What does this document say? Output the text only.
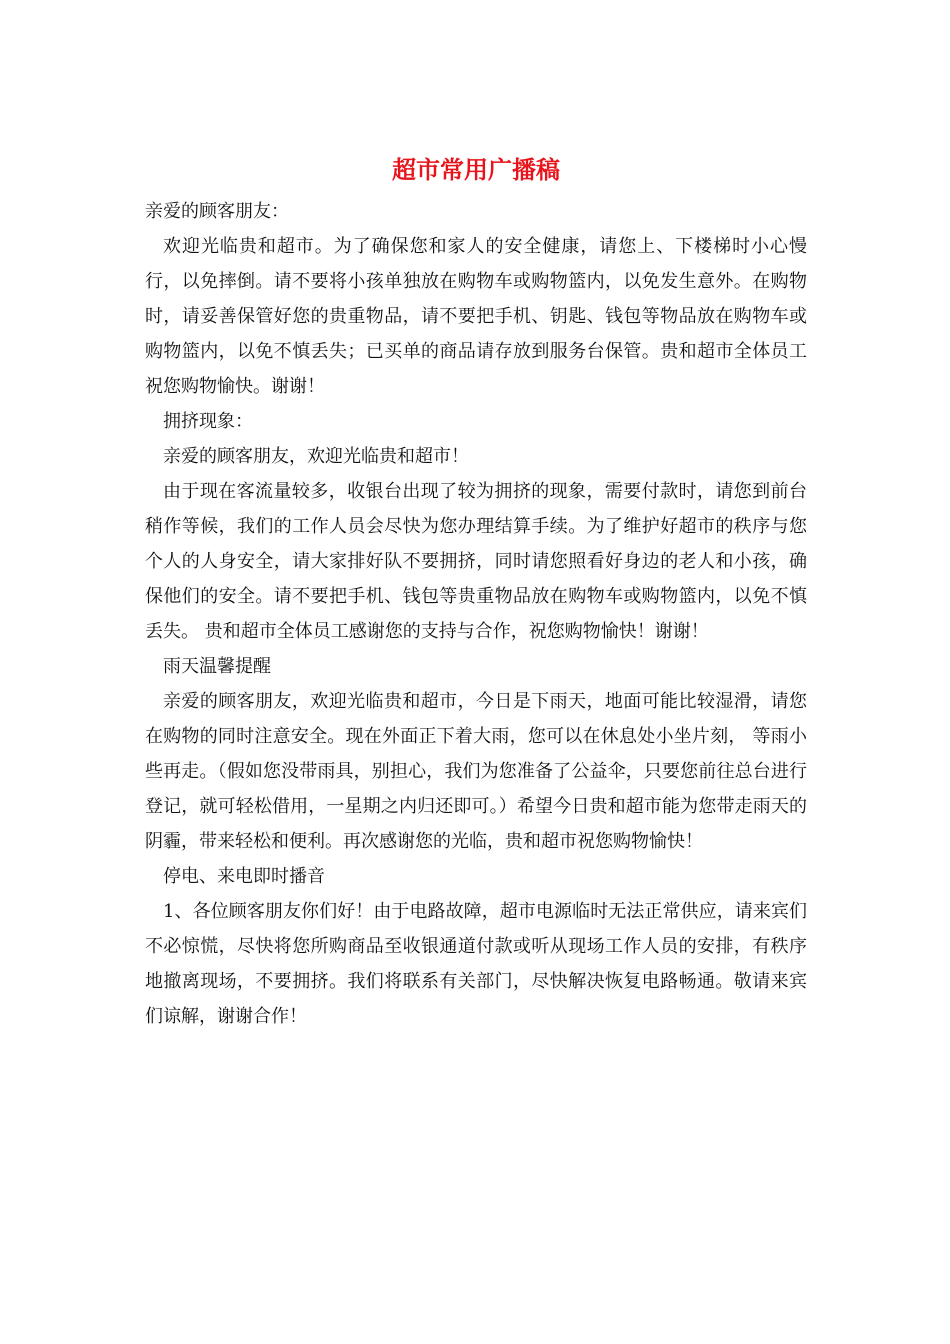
超市常用广播稿

亲爱的顾客朋友：

欢迎光临贵和超市。为了确保您和家人的安全健康，请您上、下楼梯时小心慢行，以免摔倒。请不要将小孩单独放在购物车或购物篮内，以免发生意外。在购物时，请妥善保管好您的贵重物品，请不要把手机、钥匙、钱包等物品放在购物车或购物篮内，以免不慎丢失；已买单的商品请存放到服务台保管。贵和超市全体员工祝您购物愉快。谢谢！

拥挤现象：

亲爱的顾客朋友，欢迎光临贵和超市！

由于现在客流量较多，收银台出现了较为拥挤的现象，需要付款时，请您到前台稍作等候，我们的工作人员会尽快为您办理结算手续。为了维护好超市的秩序与您个人的人身安全，请大家排好队不要拥挤，同时请您照看好身边的老人和小孩，确保他们的安全。请不要把手机、钱包等贵重物品放在购物车或购物篮内，以免不慎丢失。 贵和超市全体员工感谢您的支持与合作，祝您购物愉快！谢谢！

雨天温馨提醒

亲爱的顾客朋友，欢迎光临贵和超市，今日是下雨天，地面可能比较湿滑，请您在购物的同时注意安全。现在外面正下着大雨，您可以在休息处小坐片刻， 等雨小些再走。（假如您没带雨具，别担心，我们为您准备了公益伞，只要您前往总台进行登记，就可轻松借用，一星期之内归还即可。）希望今日贵和超市能为您带走雨天的阴霾，带来轻松和便利。再次感谢您的光临，贵和超市祝您购物愉快！

停电、来电即时播音

1、各位顾客朋友你们好！由于电路故障，超市电源临时无法正常供应，请来宾们不必惊慌，尽快将您所购商品至收银通道付款或听从现场工作人员的安排，有秩序地撤离现场，不要拥挤。我们将联系有关部门，尽快解决恢复电路畅通。敬请来宾们谅解，谢谢合作！
